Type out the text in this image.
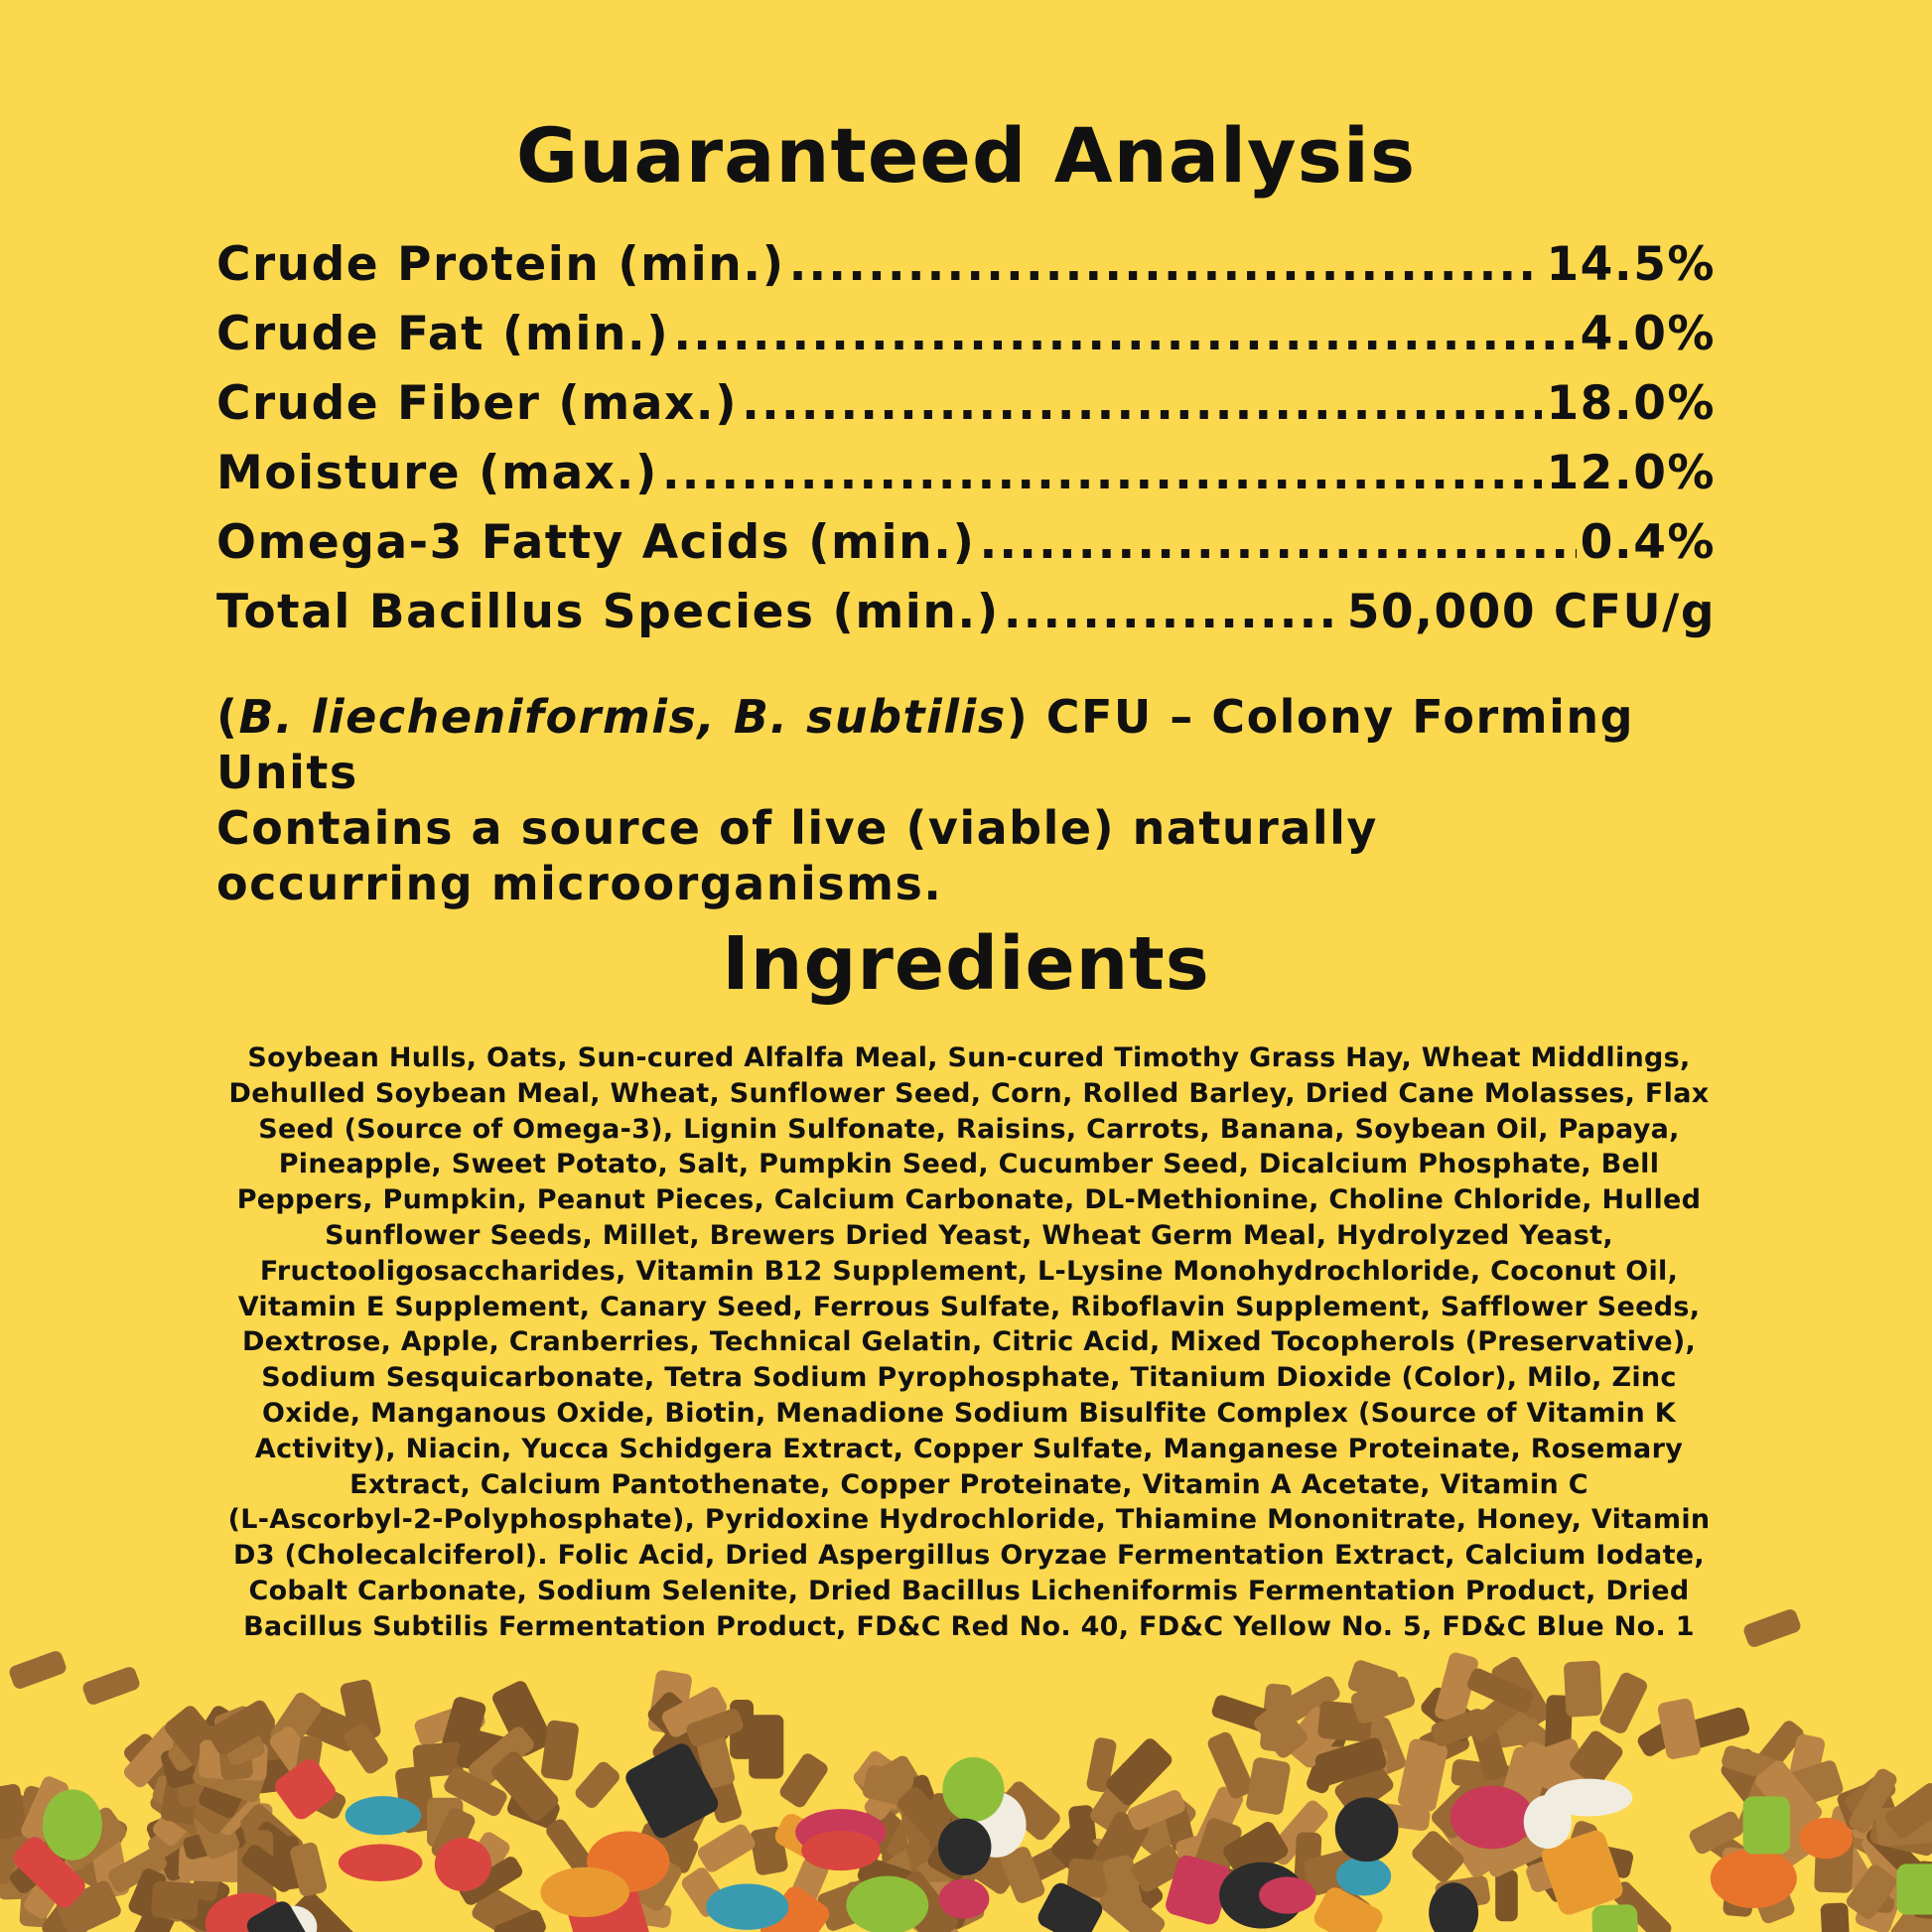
Guaranteed Analysis
Crude Protein (min.) .....	14.5%
Crude Fat (min.) .....	4.0%
Crude Fiber (max.) .....	18.0%
Moisture (max.) .....	12.0%
Omega-3 Fatty Acids (min.) .....	0.4%
Total Bacillus Species (min.) .....	50,000 CFU/g
(B. liecheniformis, B. subtilis) CFU – Colony Forming Units
Contains a source of live (viable) naturally
occurring microorganisms.
Ingredients
Soybean Hulls, Oats, Sun-cured Alfalfa Meal, Sun-cured Timothy Grass Hay, Wheat Middlings,
Dehulled Soybean Meal, Wheat, Sunflower Seed, Corn, Rolled Barley, Dried Cane Molasses, Flax
Seed (Source of Omega-3), Lignin Sulfonate, Raisins, Carrots, Banana, Soybean Oil, Papaya,
Pineapple, Sweet Potato, Salt, Pumpkin Seed, Cucumber Seed, Dicalcium Phosphate, Bell
Peppers, Pumpkin, Peanut Pieces, Calcium Carbonate, DL-Methionine, Choline Chloride, Hulled
Sunflower Seeds, Millet, Brewers Dried Yeast, Wheat Germ Meal, Hydrolyzed Yeast,
Fructooligosaccharides, Vitamin B12 Supplement, L-Lysine Monohydrochloride, Coconut Oil,
Vitamin E Supplement, Canary Seed, Ferrous Sulfate, Riboflavin Supplement, Safflower Seeds,
Dextrose, Apple, Cranberries, Technical Gelatin, Citric Acid, Mixed Tocopherols (Preservative),
Sodium Sesquicarbonate, Tetra Sodium Pyrophosphate, Titanium Dioxide (Color), Milo, Zinc
Oxide, Manganous Oxide, Biotin, Menadione Sodium Bisulfite Complex (Source of Vitamin K
Activity), Niacin, Yucca Schidgera Extract, Copper Sulfate, Manganese Proteinate, Rosemary
Extract, Calcium Pantothenate, Copper Proteinate, Vitamin A Acetate, Vitamin C
(L-Ascorbyl-2-Polyphosphate), Pyridoxine Hydrochloride, Thiamine Mononitrate, Honey, Vitamin
D3 (Cholecalciferol). Folic Acid, Dried Aspergillus Oryzae Fermentation Extract, Calcium Iodate,
Cobalt Carbonate, Sodium Selenite, Dried Bacillus Licheniformis Fermentation Product, Dried
Bacillus Subtilis Fermentation Product, FD&C Red No. 40, FD&C Yellow No. 5, FD&C Blue No. 1
